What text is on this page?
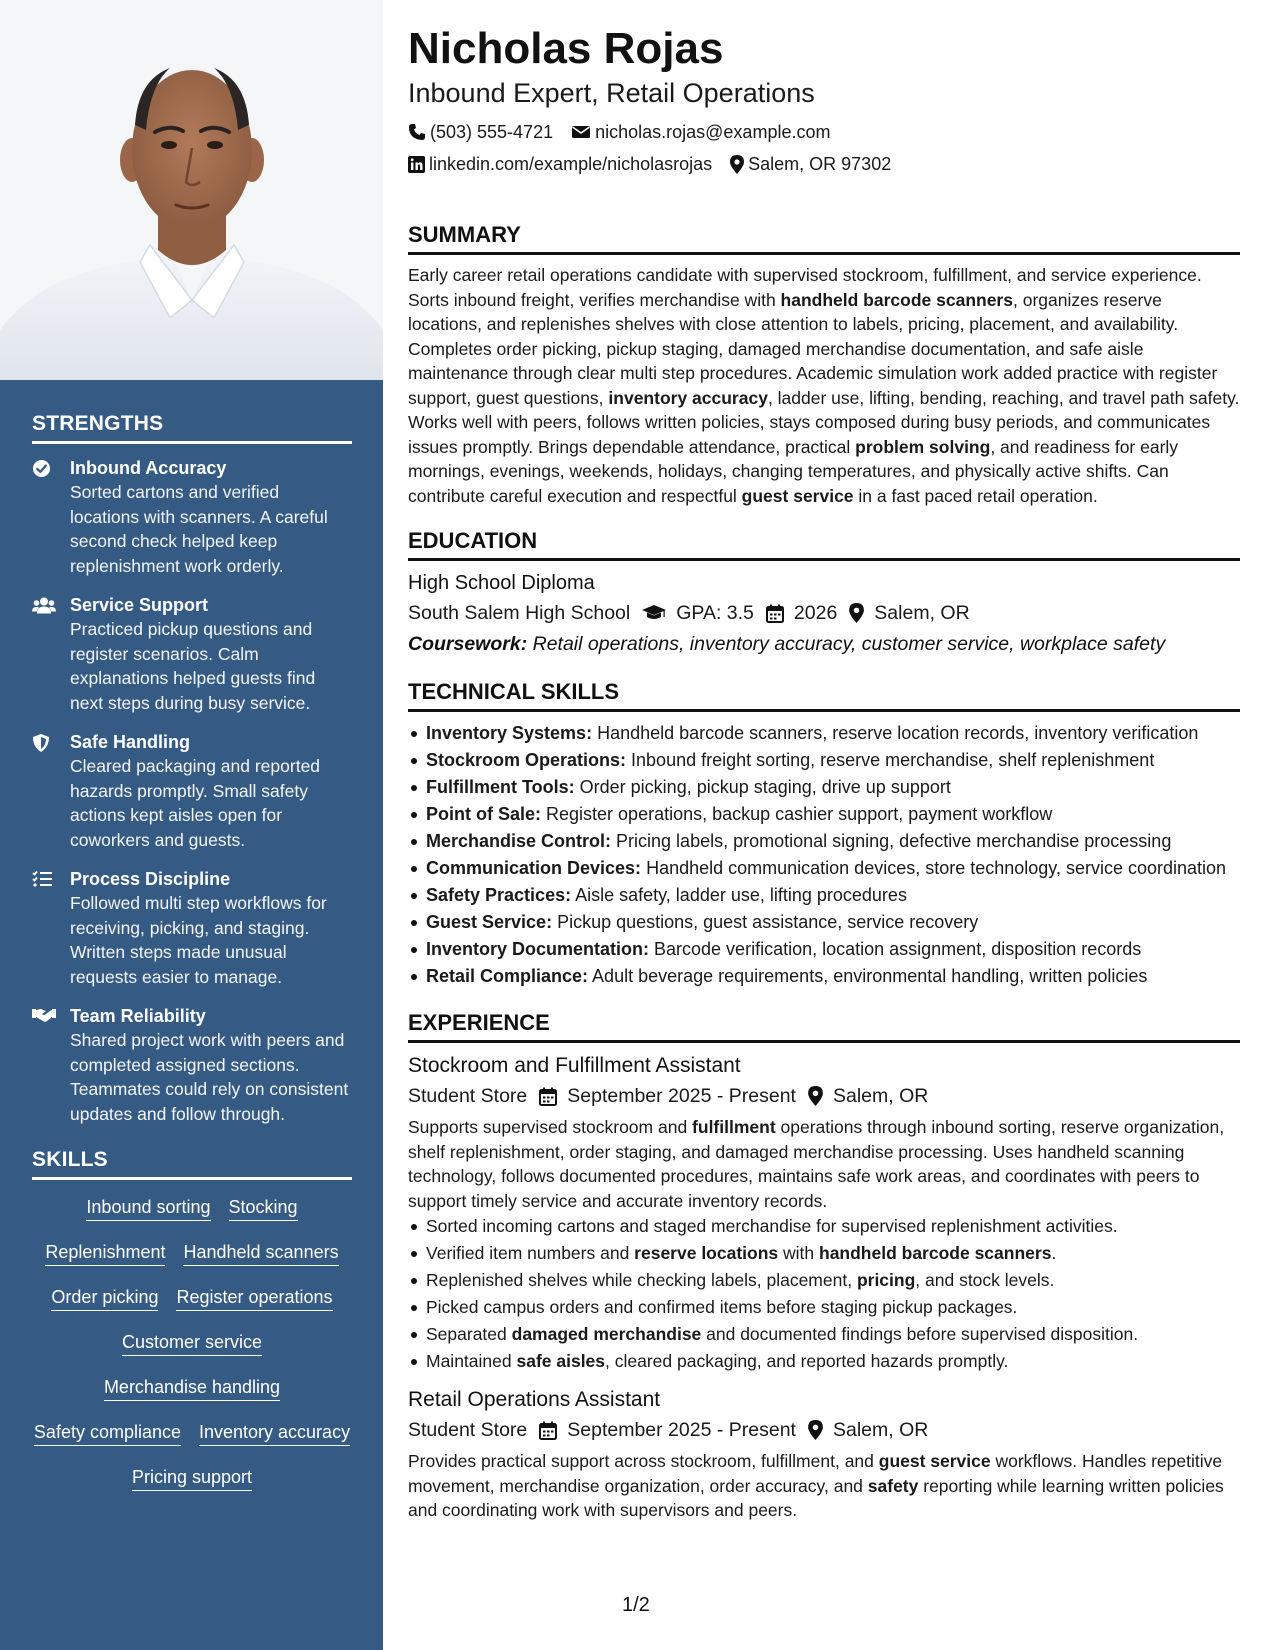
STRENGTHS
Inbound Accuracy
Sorted cartons and verified locations with scanners. A careful second check helped keep replenishment work orderly.
Service Support
Practiced pickup questions and register scenarios. Calm explanations helped guests find next steps during busy service.
Safe Handling
Cleared packaging and reported hazards promptly. Small safety actions kept aisles open for coworkers and guests.
Process Discipline
Followed multi step workflows for receiving, picking, and staging. Written steps made unusual requests easier to manage.
Team Reliability
Shared project work with peers and completed assigned sections. Teammates could rely on consistent updates and follow through.
SKILLS
Inbound sorting Stocking
Replenishment Handheld scanners
Order picking Register operations
Customer service
Merchandise handling
Safety compliance Inventory accuracy
Pricing support
Nicholas Rojas
Inbound Expert, Retail Operations
(503) 555-4721 nicholas.rojas@example.com
linkedin.com/example/nicholasrojas Salem, OR 97302
SUMMARY
Early career retail operations candidate with supervised stockroom, fulfillment, and service experience. Sorts inbound freight, verifies merchandise with handheld barcode scanners, organizes reserve locations, and replenishes shelves with close attention to labels, pricing, placement, and availability. Completes order picking, pickup staging, damaged merchandise documentation, and safe aisle maintenance through clear multi step procedures. Academic simulation work added practice with register support, guest questions, inventory accuracy, ladder use, lifting, bending, reaching, and travel path safety. Works well with peers, follows written policies, stays composed during busy periods, and communicates issues promptly. Brings dependable attendance, practical problem solving, and readiness for early mornings, evenings, weekends, holidays, changing temperatures, and physically active shifts. Can contribute careful execution and respectful guest service in a fast paced retail operation.
EDUCATION
High School Diploma
South Salem High School GPA: 3.5 2026 Salem, OR
Coursework: Retail operations, inventory accuracy, customer service, workplace safety
TECHNICAL SKILLS
Inventory Systems: Handheld barcode scanners, reserve location records, inventory verification
Stockroom Operations: Inbound freight sorting, reserve merchandise, shelf replenishment
Fulfillment Tools: Order picking, pickup staging, drive up support
Point of Sale: Register operations, backup cashier support, payment workflow
Merchandise Control: Pricing labels, promotional signing, defective merchandise processing
Communication Devices: Handheld communication devices, store technology, service coordination
Safety Practices: Aisle safety, ladder use, lifting procedures
Guest Service: Pickup questions, guest assistance, service recovery
Inventory Documentation: Barcode verification, location assignment, disposition records
Retail Compliance: Adult beverage requirements, environmental handling, written policies
EXPERIENCE
Stockroom and Fulfillment Assistant
Student Store September 2025 - Present Salem, OR
Supports supervised stockroom and fulfillment operations through inbound sorting, reserve organization, shelf replenishment, order staging, and damaged merchandise processing. Uses handheld scanning technology, follows documented procedures, maintains safe work areas, and coordinates with peers to support timely service and accurate inventory records.
Sorted incoming cartons and staged merchandise for supervised replenishment activities.
Verified item numbers and reserve locations with handheld barcode scanners.
Replenished shelves while checking labels, placement, pricing, and stock levels.
Picked campus orders and confirmed items before staging pickup packages.
Separated damaged merchandise and documented findings before supervised disposition.
Maintained safe aisles, cleared packaging, and reported hazards promptly.
Retail Operations Assistant
Student Store September 2025 - Present Salem, OR
Provides practical support across stockroom, fulfillment, and guest service workflows. Handles repetitive movement, merchandise organization, order accuracy, and safety reporting while learning written policies and coordinating work with supervisors and peers.
1/2
